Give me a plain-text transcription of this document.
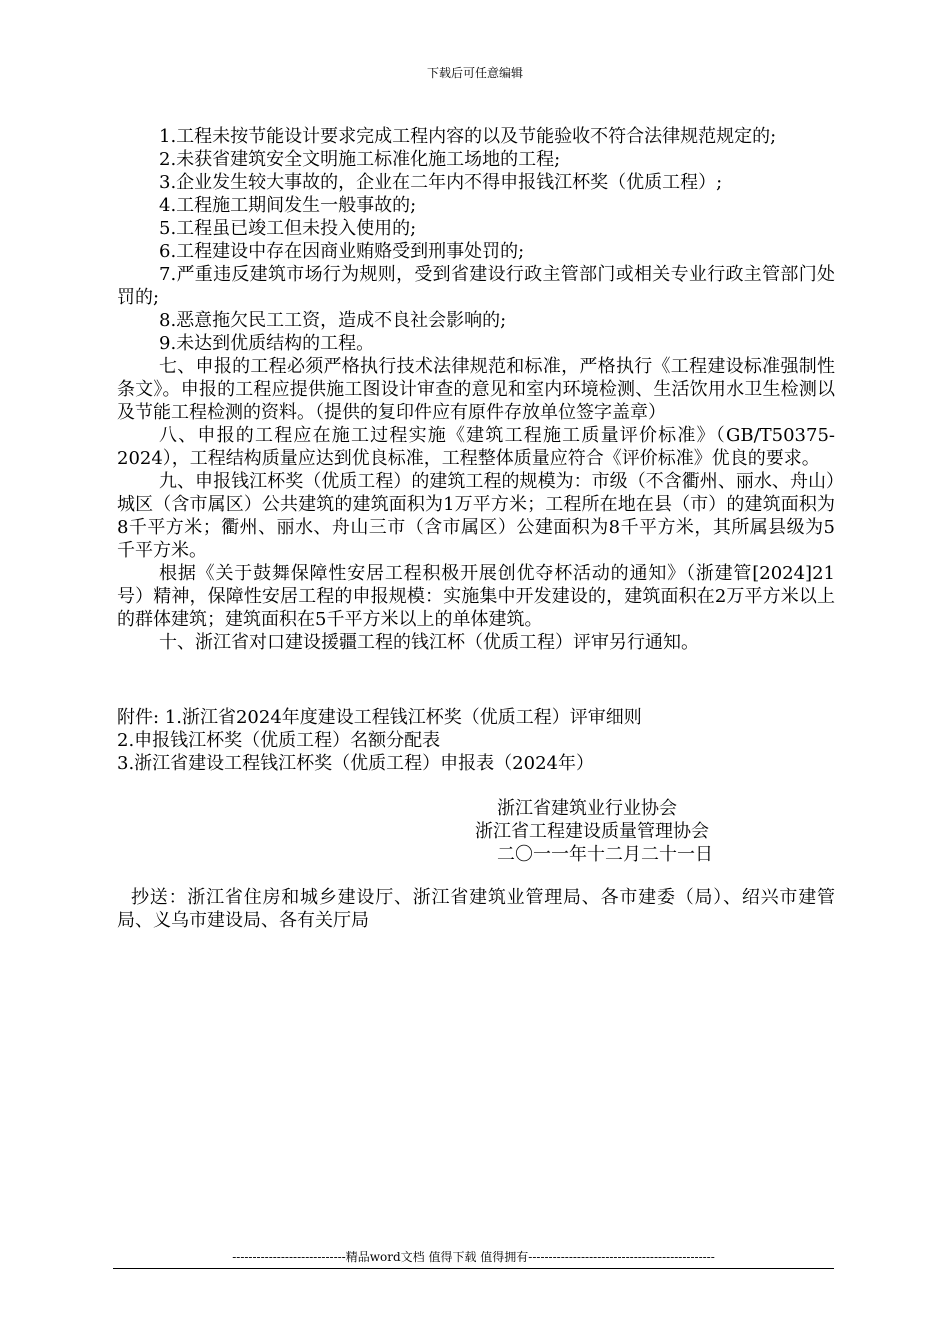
下载后可任意编辑

1.工程未按节能设计要求完成工程内容的以及节能验收不符合法律规范规定的;

2.未获省建筑安全文明施工标准化施工场地的工程;

3.企业发生较大事故的，企业在二年内不得申报钱江杯奖（优质工程）;

4.工程施工期间发生一般事故的;

5.工程虽已竣工但未投入使用的;

6.工程建设中存在因商业贿赂受到刑事处罚的;

7.严重违反建筑市场行为规则，受到省建设行政主管部门或相关专业行政主管部门处罚的;

8.恶意拖欠民工工资，造成不良社会影响的;

9.未达到优质结构的工程。

七、申报的工程必须严格执行技术法律规范和标准，严格执行《工程建设标准强制性条文》。申报的工程应提供施工图设计审查的意见和室内环境检测、生活饮用水卫生检测以及节能工程检测的资料。（提供的复印件应有原件存放单位签字盖章）

八、申报的工程应在施工过程实施《建筑工程施工质量评价标准》（GB/T50375-2024），工程结构质量应达到优良标准，工程整体质量应符合《评价标准》优良的要求。

九、申报钱江杯奖（优质工程）的建筑工程的规模为：市级（不含衢州、丽水、舟山）城区（含市属区）公共建筑的建筑面积为1万平方米；工程所在地在县（市）的建筑面积为8千平方米；衢州、丽水、舟山三市（含市属区）公建面积为8千平方米，其所属县级为5千平方米。

根据《关于鼓舞保障性安居工程积极开展创优夺杯活动的通知》（浙建管[2024]21号）精神，保障性安居工程的申报规模：实施集中开发建设的，建筑面积在2万平方米以上的群体建筑；建筑面积在5千平方米以上的单体建筑。

十、浙江省对口建设援疆工程的钱江杯（优质工程）评审另行通知。

附件: 1.浙江省2024年度建设工程钱江杯奖（优质工程）评审细则

2.申报钱江杯奖（优质工程）名额分配表

3.浙江省建设工程钱江杯奖（优质工程）申报表（2024年）

浙江省建筑业行业协会

浙江省工程建设质量管理协会

二〇一一年十二月二十一日

抄送：浙江省住房和城乡建设厅、浙江省建筑业管理局、各市建委（局）、绍兴市建管局、义乌市建设局、各有关厅局

----------------------------精品word文档 值得下载 值得拥有----------------------------------------------
